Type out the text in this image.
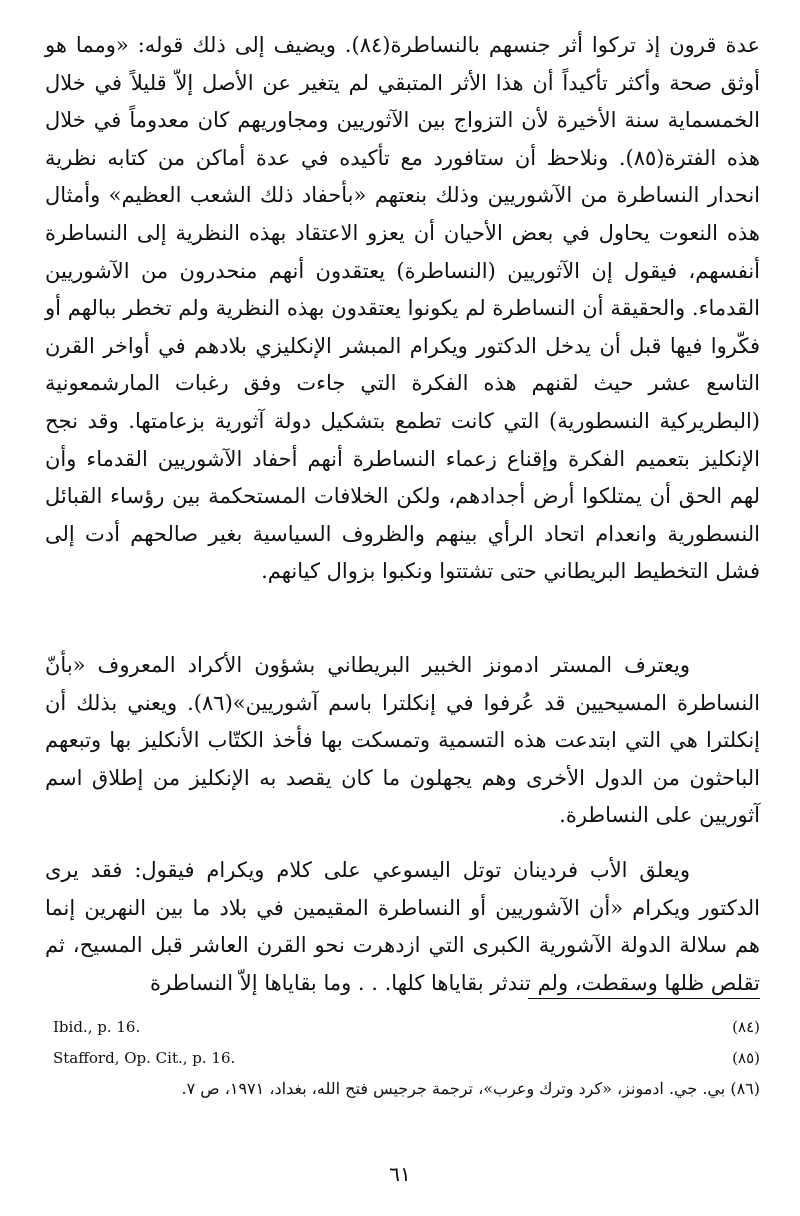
عدة قرون إذ تركوا أثر جنسهم بالنساطرة(٨٤). ويضيف إلى ذلك قوله: «ومما هو أوثق صحة وأكثر تأكيداً أن هذا الأثر المتبقي لم يتغير عن الأصل إلاّ قليلاً في خلال الخمسماية سنة الأخيرة لأن التزواج بين الآثوريين ومجاوريهم كان معدوماً في خلال هذه الفترة(٨٥). ونلاحظ أن ستافورد مع تأكيده في عدة أماكن من كتابه نظرية انحدار النساطرة من الآشوريين وذلك بنعتهم «بأحفاد ذلك الشعب العظيم» وأمثال هذه النعوت يحاول في بعض الأحيان أن يعزو الاعتقاد بهذه النظرية إلى النساطرة أنفسهم، فيقول إن الآثوريين (النساطرة) يعتقدون أنهم منحدرون من الآشوريين القدماء. والحقيقة أن النساطرة لم يكونوا يعتقدون بهذه النظرية ولم تخطر ببالهم أو فكّروا فيها قبل أن يدخل الدكتور ويكرام المبشر الإنكليزي بلادهم في أواخر القرن التاسع عشر حيث لقنهم هذه الفكرة التي جاءت وفق رغبات المارشمعونية (البطريركية النسطورية) التي كانت تطمع بتشكيل دولة آثورية بزعامتها. وقد نجح الإنكليز بتعميم الفكرة وإقناع زعماء النساطرة أنهم أحفاد الآشوريين القدماء وأن لهم الحق أن يمتلكوا أرض أجدادهم، ولكن الخلافات المستحكمة بين رؤساء القبائل النسطورية وانعدام اتحاد الرأي بينهم والظروف السياسية بغير صالحهم أدت إلى فشل التخطيط البريطاني حتى تشتتوا ونكبوا بزوال كيانهم.

ويعترف المستر ادمونز الخبير البريطاني بشؤون الأكراد المعروف «بأنّ النساطرة المسيحيين قد عُرفوا في إنكلترا باسم آشوريين»(٨٦). ويعني بذلك أن إنكلترا هي التي ابتدعت هذه التسمية وتمسكت بها فأخذ الكتّاب الأنكليز بها وتبعهم الباحثون من الدول الأخرى وهم يجهلون ما كان يقصد به الإنكليز من إطلاق اسم آثوريين على النساطرة.

ويعلق الأب فردينان توتل اليسوعي على كلام ويكرام فيقول: فقد يرى الدكتور ويكرام «أن الآشوريين أو النساطرة المقيمين في بلاد ما بين النهرين إنما هم سلالة الدولة الآشورية الكبرى التي ازدهرت نحو القرن العاشر قبل المسيح، ثم تقلص ظلها وسقطت، ولم تندثر بقاياها كلها. . . وما بقاياها إلاّ النساطرة

Ibid., p. 16.	(٨٤)
Stafford, Op. Cit., p. 16.	(٨٥)
(٨٦) بي. جي. ادمونز، «كرد وترك وعرب»، ترجمة جرجيس فتح الله، بغداد، ١٩٧١، ص ٧.
٦١
